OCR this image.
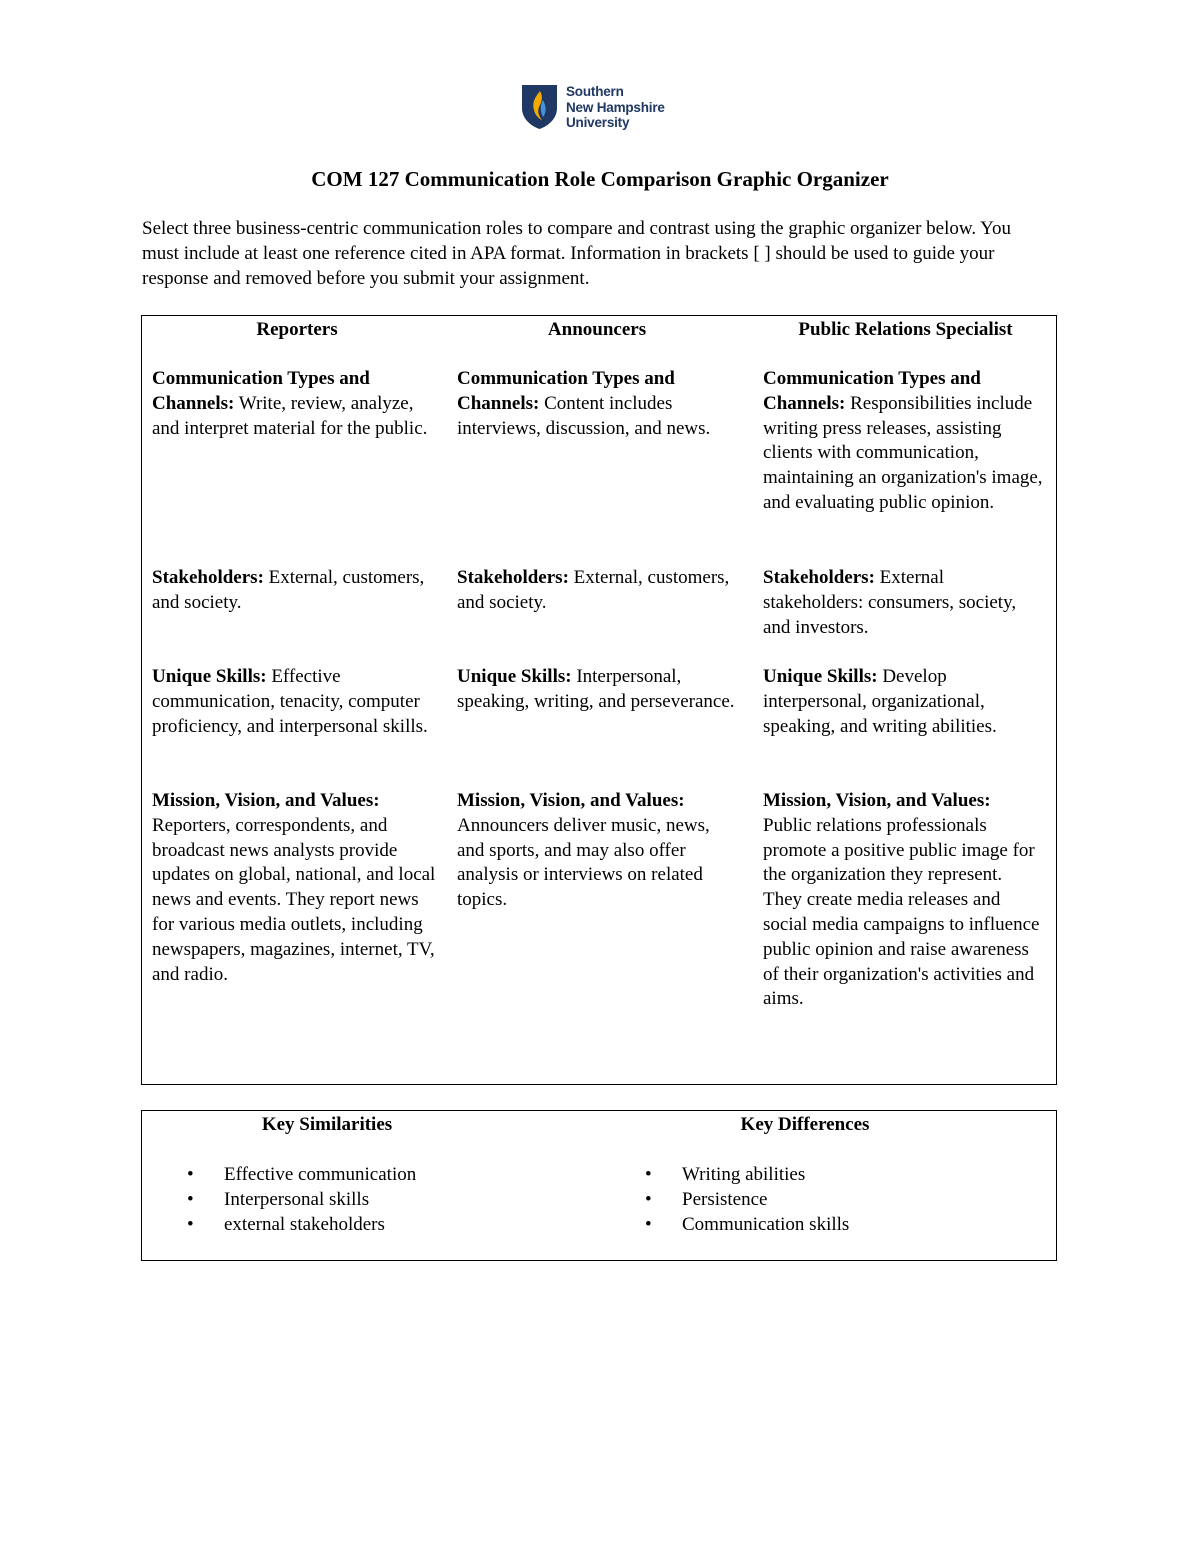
Southern
New Hampshire
University
COM 127 Communication Role Comparison Graphic Organizer

Select three business-centric communication roles to compare and contrast using the graphic organizer below. You must include at least one reference cited in APA format. Information in brackets [ ] should be used to guide your response and removed before you submit your assignment.

Reporters
Communication Types and Channels: Write, review, analyze, and interpret material for the public.
Stakeholders: External, customers, and society.
Unique Skills: Effective communication, tenacity, computer proficiency, and interpersonal skills.
Mission, Vision, and Values:
Reporters, correspondents, and broadcast news analysts provide updates on global, national, and local news and events. They report news for various media outlets, including newspapers, magazines, internet, TV, and radio.
Announcers
Communication Types and Channels: Content includes interviews, discussion, and news.
Stakeholders: External, customers, and society.
Unique Skills: Interpersonal, speaking, writing, and perseverance.
Mission, Vision, and Values:
Announcers deliver music, news, and sports, and may also offer analysis or interviews on related topics.
Public Relations Specialist
Communication Types and Channels: Responsibilities include writing press releases, assisting clients with communication, maintaining an organization's image, and evaluating public opinion.
Stakeholders: External stakeholders: consumers, society, and investors.
Unique Skills: Develop interpersonal, organizational, speaking, and writing abilities.
Mission, Vision, and Values:
Public relations professionals promote a positive public image for the organization they represent.
They create media releases and social media campaigns to influence public opinion and raise awareness of their organization's activities and aims.
Key Similarities
• Effective communication
• Interpersonal skills
• external stakeholders
Key Differences
• Writing abilities
• Persistence
• Communication skills
